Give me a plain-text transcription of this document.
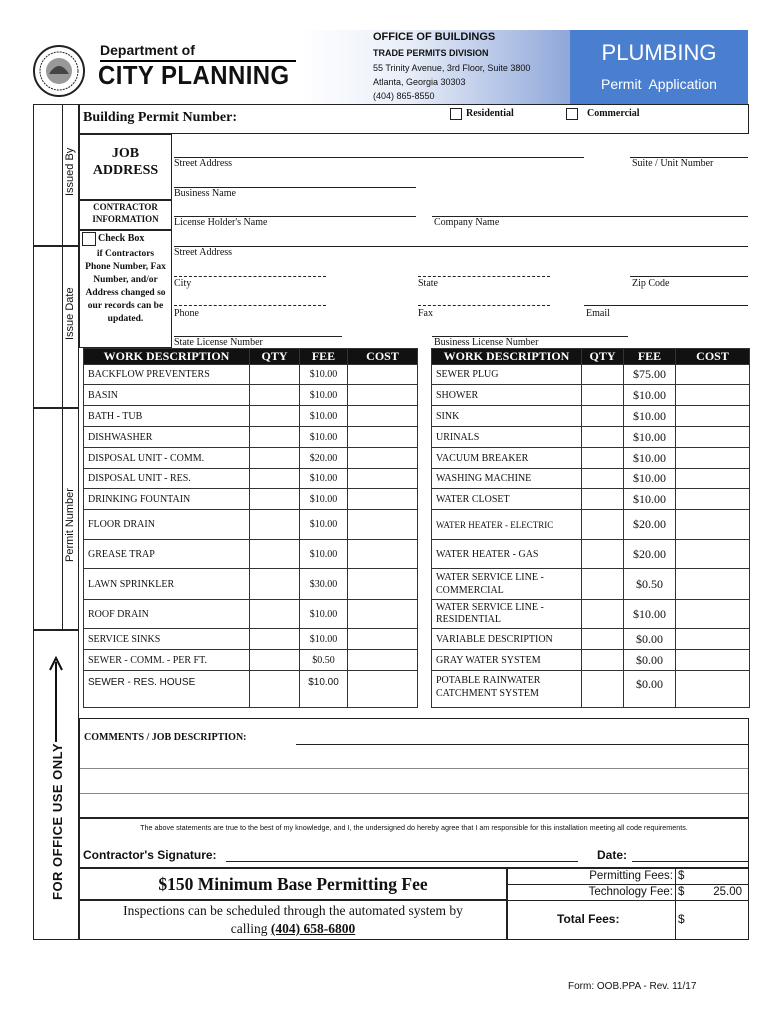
Department of
CITY PLANNING
OFFICE OF BUILDINGS
TRADE PERMITS DIVISION
55 Trinity Avenue, 3rd Floor, Suite 3800
Atlanta, Georgia 30303
(404) 865-8550
PLUMBING
Permit  Application
Issued By
Issue Date
Permit Number
FOR OFFICE USE ONLY
Building Permit Number:	Residential	Commercial
JOB
ADDRESS	Street Address	Suite / Unit Number
Business Name
CONTRACTOR
INFORMATION
Check Box
if Contractors
Phone Number, Fax
Number, and/or
Address changed so
our records can be
updated.
License Holder's Name	Company Name
Street Address
City	State	Zip Code
Phone	Fax	Email
State License Number	Business License Number
WORK DESCRIPTION	QTY	FEE	COST
BACKFLOW PREVENTERS		$10.00	
BASIN		$10.00	
BATH - TUB		$10.00	
DISHWASHER		$10.00	
DISPOSAL UNIT - COMM.		$20.00	
DISPOSAL UNIT - RES.		$10.00	
DRINKING FOUNTAIN		$10.00	
FLOOR DRAIN		$10.00	
GREASE TRAP		$10.00	
LAWN SPRINKLER		$30.00	
ROOF DRAIN		$10.00	
SERVICE SINKS		$10.00	
SEWER - COMM. - PER FT.		$0.50	
SEWER - RES. HOUSE		$10.00	
WORK DESCRIPTION	QTY	FEE	COST
SEWER PLUG		$75.00	
SHOWER		$10.00	
SINK		$10.00	
URINALS		$10.00	
VACUUM BREAKER		$10.00	
WASHING MACHINE		$10.00	
WATER CLOSET		$10.00	
WATER HEATER - ELECTRIC		$20.00	
WATER HEATER - GAS		$20.00	
WATER SERVICE LINE - COMMERCIAL		$0.50	
WATER SERVICE LINE - RESIDENTIAL		$10.00	
VARIABLE DESCRIPTION		$0.00	
GRAY WATER SYSTEM		$0.00	
POTABLE RAINWATER CATCHMENT SYSTEM		$0.00	
COMMENTS / JOB DESCRIPTION:
The above statements are true to the best of my knowledge, and I, the undersigned do hereby agree that I am responsible for this installation meeting all code requirements.
Contractor's Signature:	Date:
$150 Minimum Base Permitting Fee
Inspections can be scheduled through the automated system by
calling (404) 658-6800
Permitting Fees: $
Technology Fee: $	25.00
Total Fees:	$
Form: OOB.PPA - Rev. 11/17
